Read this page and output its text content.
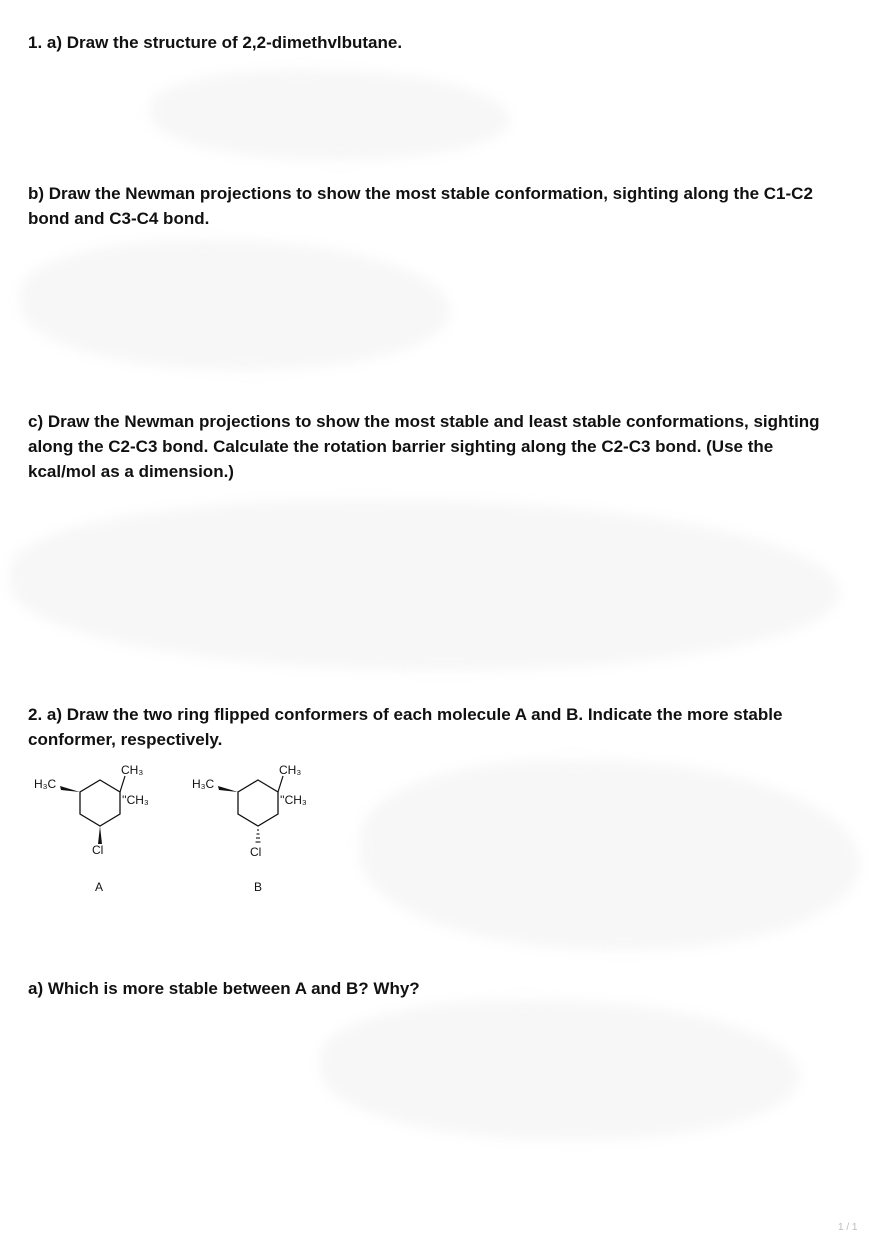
1. a) Draw the structure of 2,2-dimethvlbutane.
b) Draw the Newman projections to show the most stable conformation, sighting along the C1-C2 bond and C3-C4 bond.
c) Draw the Newman projections to show the most stable and least stable conformations, sighting along the C2-C3 bond. Calculate the rotation barrier sighting along the C2-C3 bond. (Use the kcal/mol as a dimension.)
2. a) Draw the two ring flipped conformers of each molecule A and B. Indicate the more stable conformer, respectively.
a) Which is more stable between A and B? Why?
H₃C
CH₃
''CH₃
Cl
A
H₃C
CH₃
''CH₃
Cl
B
1 / 1
